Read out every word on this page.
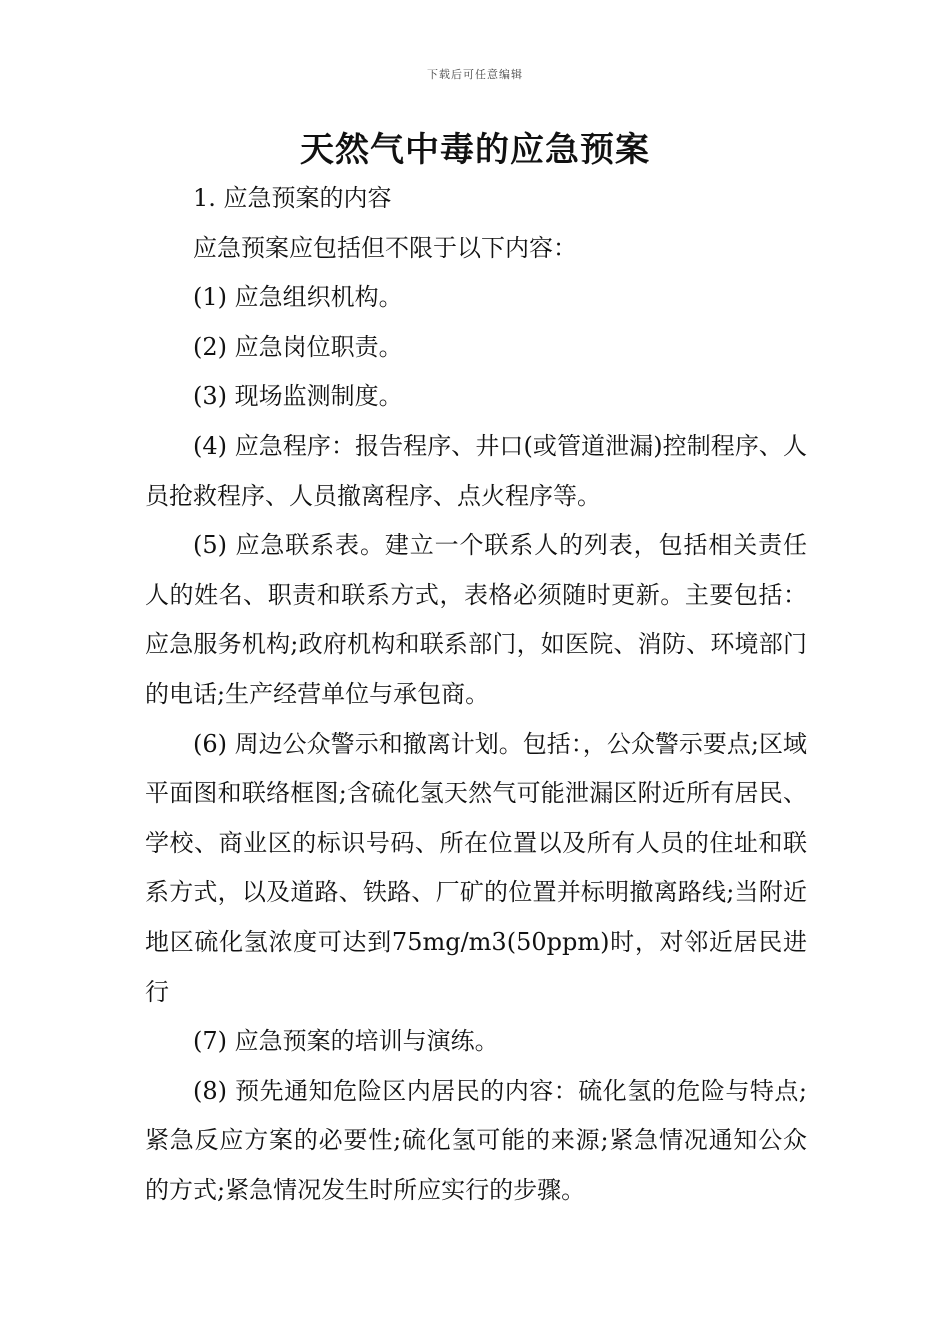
下载后可任意编辑
天然气中毒的应急预案

1. 应急预案的内容

应急预案应包括但不限于以下内容：

(1) 应急组织机构。

(2) 应急岗位职责。

(3) 现场监测制度。

(4) 应急程序：报告程序、井口(或管道泄漏)控制程序、人员抢救程序、人员撤离程序、点火程序等。

(5) 应急联系表。建立一个联系人的列表，包括相关责任人的姓名、职责和联系方式，表格必须随时更新。主要包括：应急服务机构;政府机构和联系部门，如医院、消防、环境部门的电话;生产经营单位与承包商。

(6) 周边公众警示和撤离计划。包括：，公众警示要点;区域平面图和联络框图;含硫化氢天然气可能泄漏区附近所有居民、学校、商业区的标识号码、所在位置以及所有人员的住址和联系方式，以及道路、铁路、厂矿的位置并标明撤离路线;当附近地区硫化氢浓度可达到75mg/m3(50ppm)时，对邻近居民进行

(7) 应急预案的培训与演练。

(8) 预先通知危险区内居民的内容：硫化氢的危险与特点;紧急反应方案的必要性;硫化氢可能的来源;紧急情况通知公众的方式;紧急情况发生时所应实行的步骤。
